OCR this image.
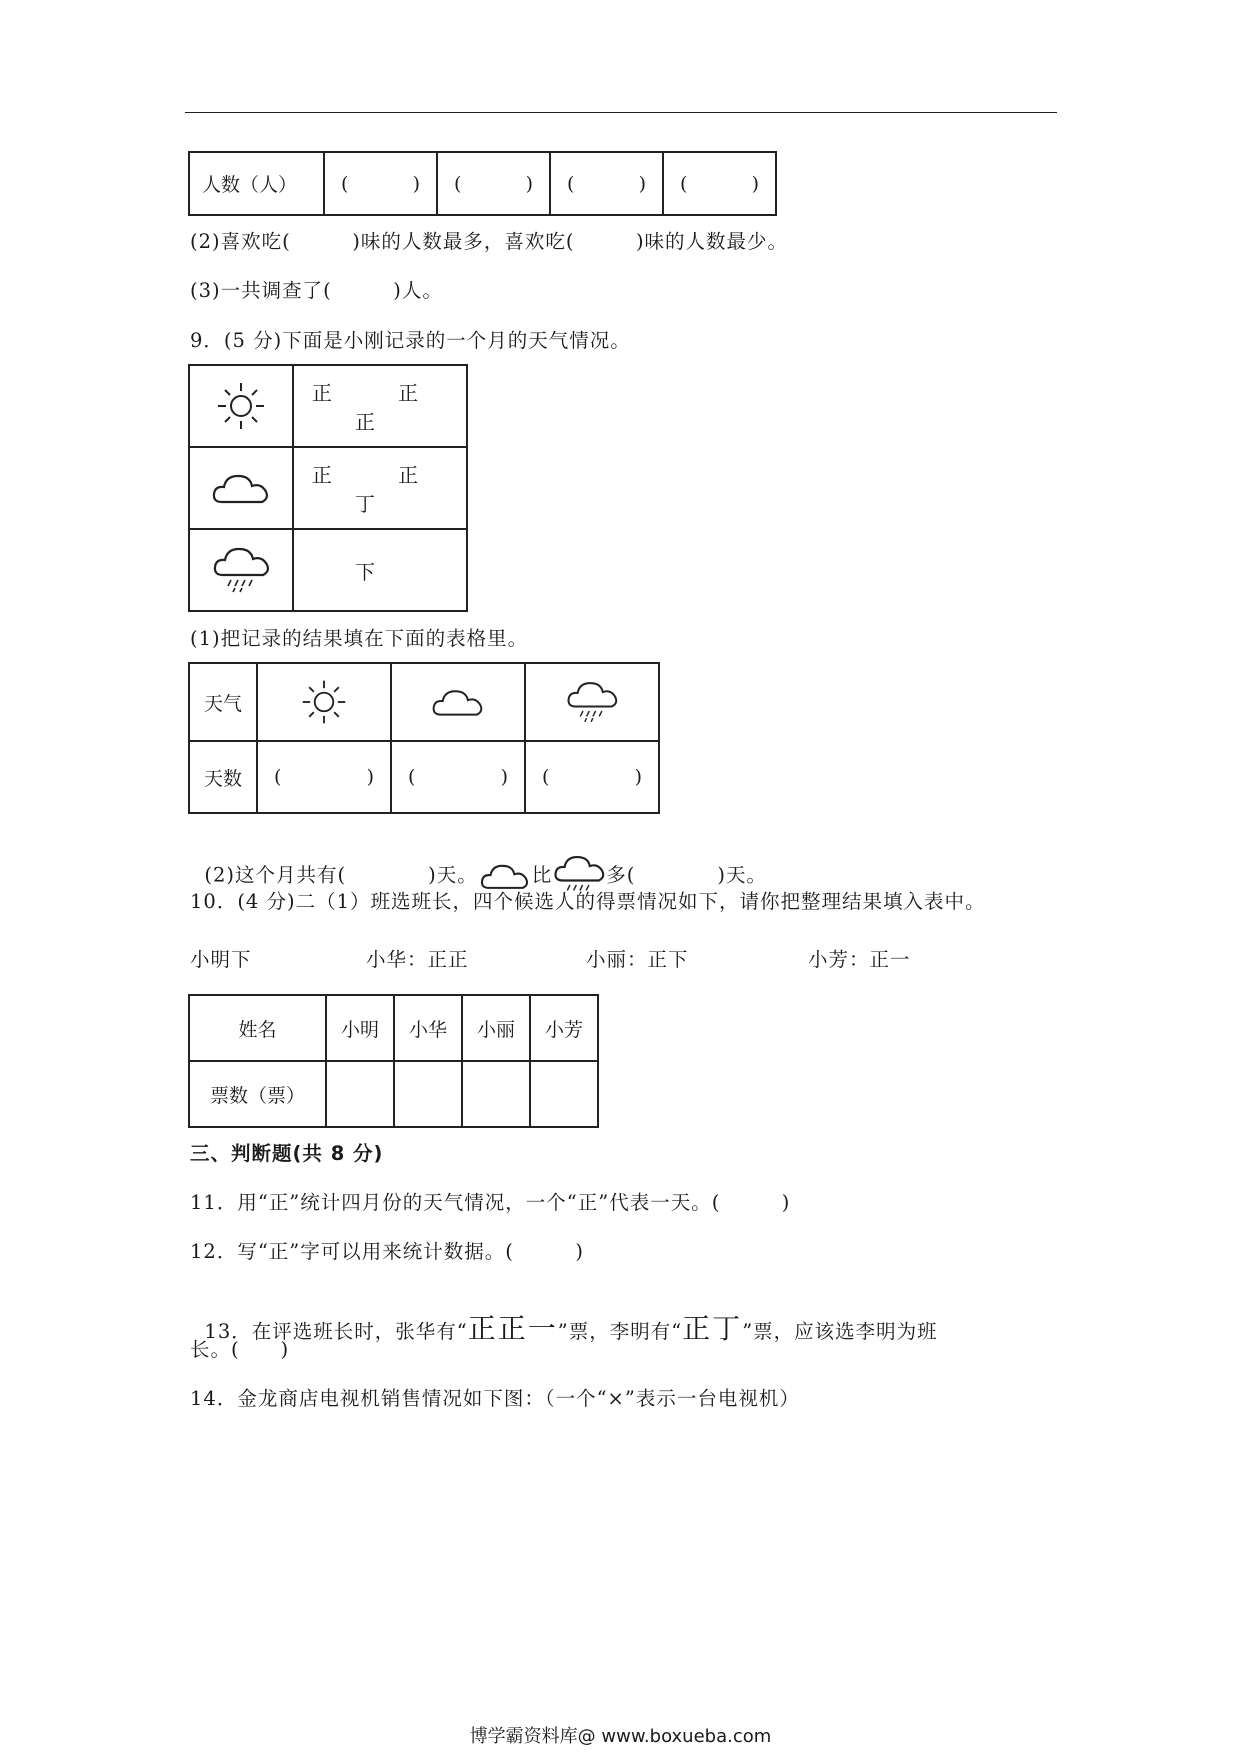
人数（人）	(	)	(	)	(	)	(	)
(2)喜欢吃(　　　)味的人数最多，喜欢吃(　　　)味的人数最少。
(3)一共调查了(　　　)人。
9．(5 分)下面是小刚记录的一个月的天气情况。
	正 正 正

	正 正 丁

	下
(1)把记录的结果填在下面的表格里。
天气	

天数	( )	( )	( )

(2)这个月共有(　　　　)天。	比	多(　　　　)天。

10．(4 分)二（1）班选班长，四个候选人的得票情况如下，请你把整理结果填入表中。
小明下	小华：正正	小丽：正下	小芳：正一
姓名	小明	小华	小丽	小芳
票数（票）				
三、判断题(共 8 分)
11．用“正”统计四月份的天气情况，一个“正”代表一天。(　　　)
12．写“正”字可以用来统计数据。(　　　)

13．在评选班长时，张华有“正正一”票，李明有“正丁”票，应该选李明为班

长。(　　)
14．金龙商店电视机销售情况如下图：（一个“×”表示一台电视机）
博学霸资料库@ www.boxueba.com
